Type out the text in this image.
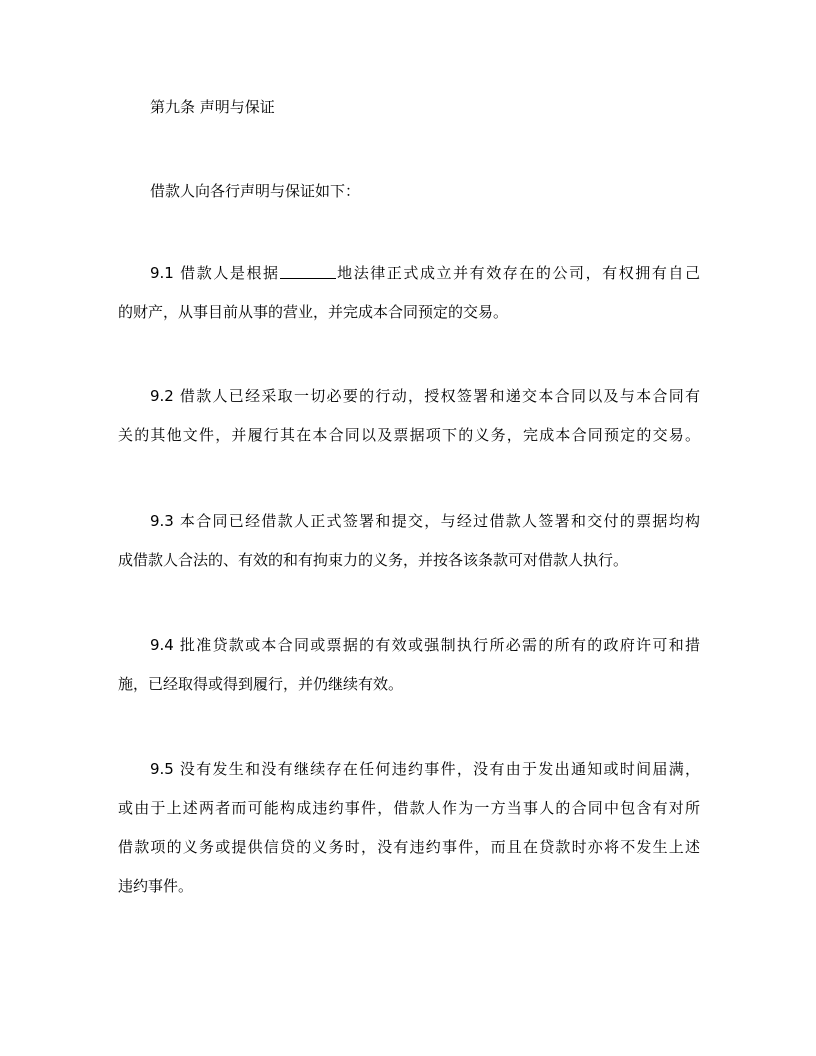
第九条 声明与保证
借款人向各行声明与保证如下：
9.1 借款人是根据	地法律正式成立并有效存在的公司，有权拥有自己
的财产，从事目前从事的营业，并完成本合同预定的交易。
9.2 借款人已经采取一切必要的行动，授权签署和递交本合同以及与本合同有
关的其他文件，并履行其在本合同以及票据项下的义务，完成本合同预定的交易。
9.3 本合同已经借款人正式签署和提交，与经过借款人签署和交付的票据均构
成借款人合法的、有效的和有拘束力的义务，并按各该条款可对借款人执行。
9.4 批准贷款或本合同或票据的有效或强制执行所必需的所有的政府许可和措
施，已经取得或得到履行，并仍继续有效。
9.5 没有发生和没有继续存在任何违约事件，没有由于发出通知或时间届满，
或由于上述两者而可能构成违约事件，借款人作为一方当事人的合同中包含有对所
借款项的义务或提供信贷的义务时，没有违约事件，而且在贷款时亦将不发生上述
违约事件。
